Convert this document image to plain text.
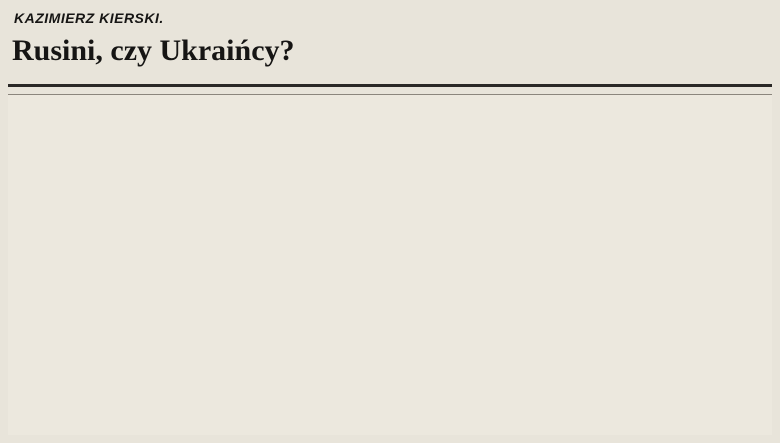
KAZIMIERZ KIERSKI.
Rusini, czy Ukraińcy?
